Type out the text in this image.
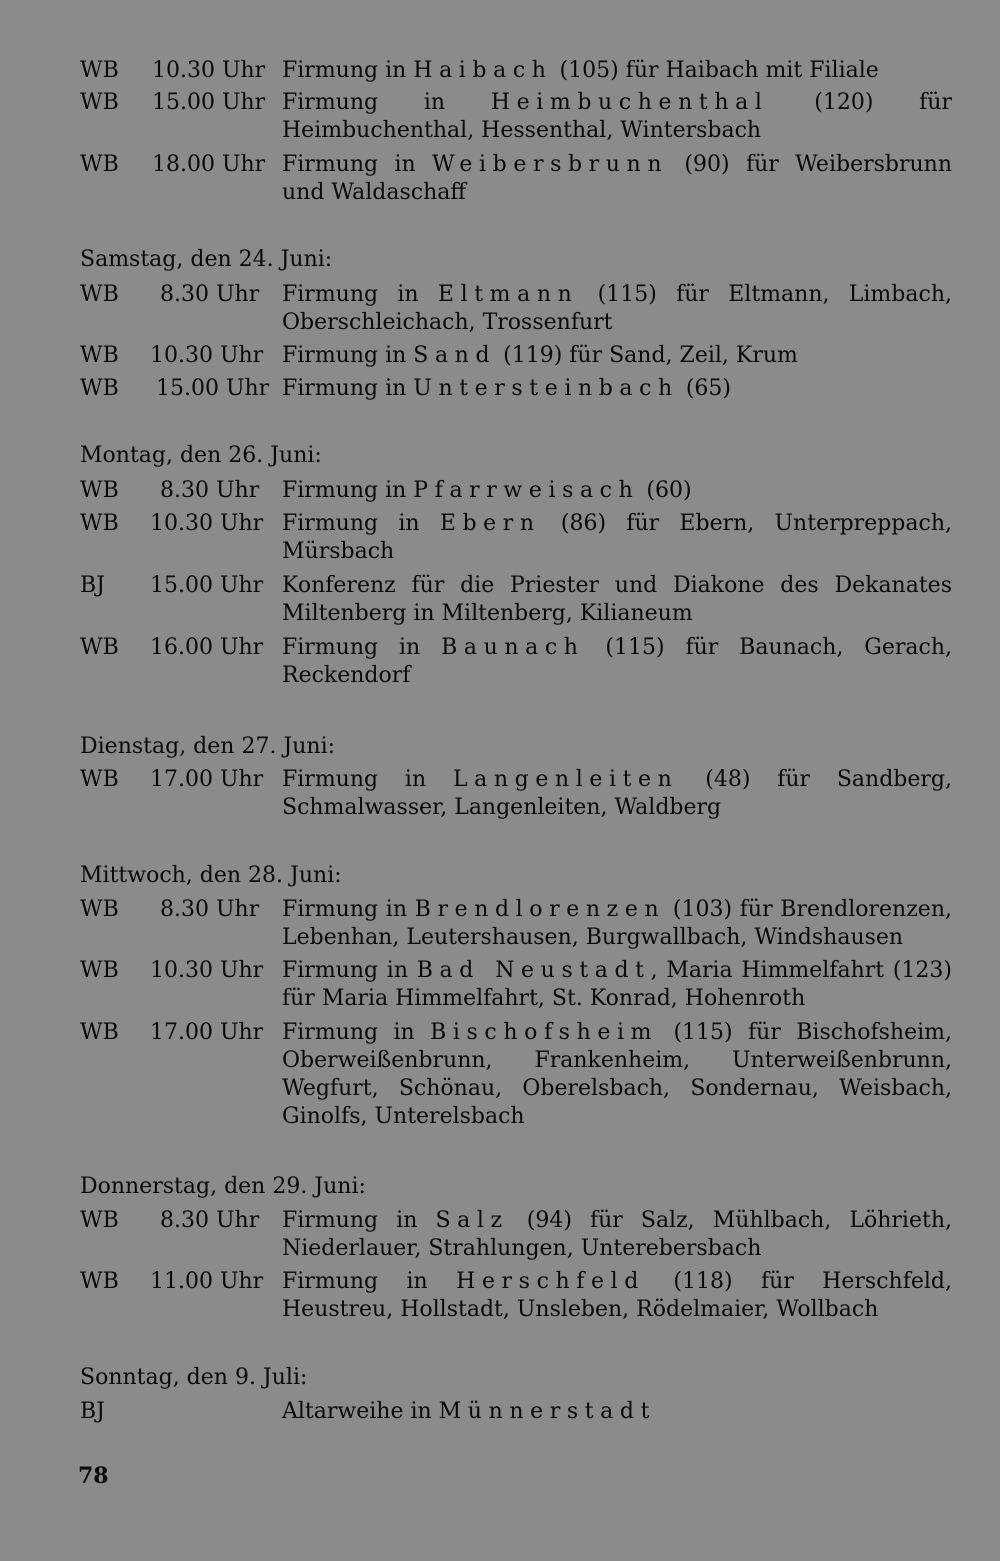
WB 10.30 Uhr Firmung in Haibach (105) für Haibach mit Filiale
WB 15.00 Uhr Firmung in Heimbuchenthal (120) für Heimbuchenthal, Hessenthal, Wintersbach
WB 18.00 Uhr Firmung in Weibersbrunn (90) für Weibersbrunn und Waldaschaff
Samstag, den 24. Juni:
WB 8.30 Uhr Firmung in Eltmann (115) für Eltmann, Limbach, Oberschleichach, Trossenfurt
WB 10.30 Uhr Firmung in Sand (119) für Sand, Zeil, Krum
WB 15.00 Uhr Firmung in Untersteinbach (65)
Montag, den 26. Juni:
WB 8.30 Uhr Firmung in Pfarrweisach (60)
WB 10.30 Uhr Firmung in Ebern (86) für Ebern, Unterpreppach, Mürsbach
BJ 15.00 Uhr Konferenz für die Priester und Diakone des Dekanates Miltenberg in Miltenberg, Kilianeum
WB 16.00 Uhr Firmung in Baunach (115) für Baunach, Gerach, Reckendorf
Dienstag, den 27. Juni:
WB 17.00 Uhr Firmung in Langenleiten (48) für Sandberg, Schmalwasser, Langenleiten, Waldberg
Mittwoch, den 28. Juni:
WB 8.30 Uhr Firmung in Brendlorenzen (103) für Brendlorenzen, Lebenhan, Leutershausen, Burgwallbach, Windshausen
WB 10.30 Uhr Firmung in Bad Neustadt, Maria Himmelfahrt (123) für Maria Himmelfahrt, St. Konrad, Hohenroth
WB 17.00 Uhr Firmung in Bischofsheim (115) für Bischofsheim, Oberweißenbrunn, Frankenheim, Unterweißenbrunn, Wegfurt, Schönau, Oberelsbach, Sondernau, Weisbach, Ginolfs, Unterelsbach
Donnerstag, den 29. Juni:
WB 8.30 Uhr Firmung in Salz (94) für Salz, Mühlbach, Löhrieth, Niederlauer, Strahlungen, Unterebersbach
WB 11.00 Uhr Firmung in Herschfeld (118) für Herschfeld, Heustreu, Hollstadt, Unsleben, Rödelmaier, Wollbach
Sonntag, den 9. Juli:
BJ	Altarweihe in Münnerstadt
78
